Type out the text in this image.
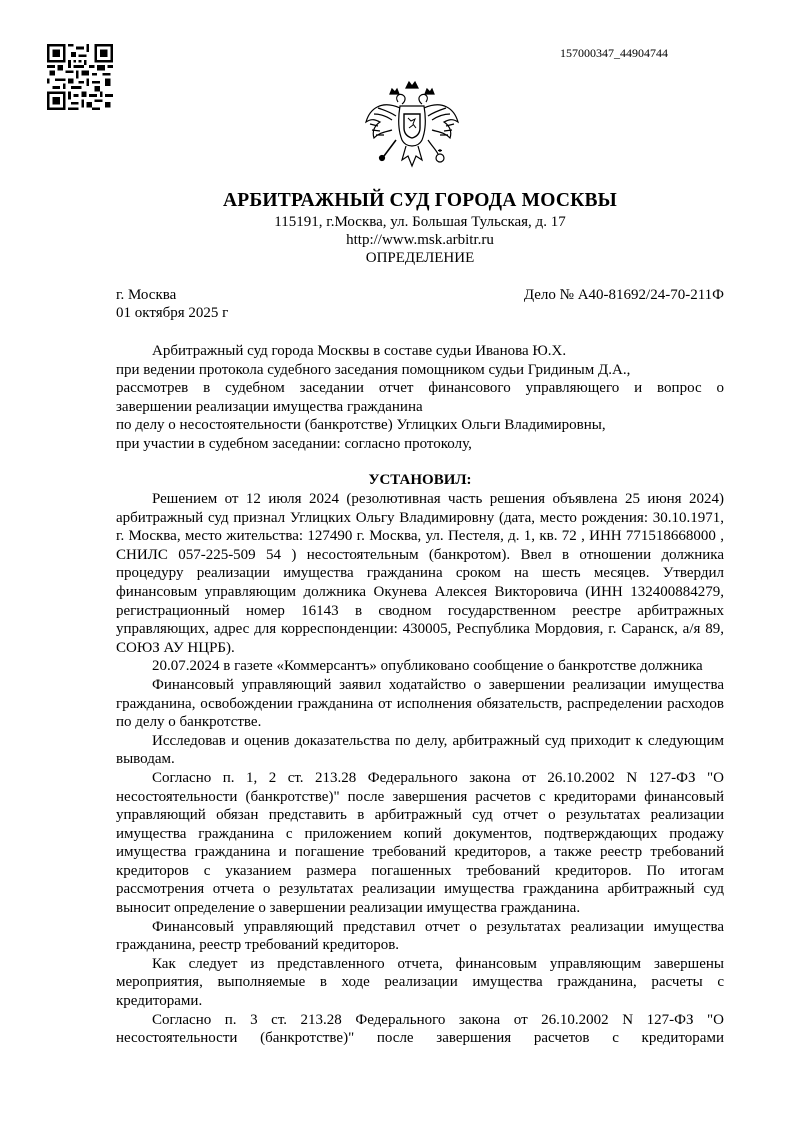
157000347_44904744
АРБИТРАЖНЫЙ СУД ГОРОДА МОСКВЫ
115191, г.Москва, ул. Большая Тульская, д. 17
http://www.msk.arbitr.ru
ОПРЕДЕЛЕНИЕ
г. Москва
01 октября 2025 г
Дело № А40-81692/24-70-211Ф

Арбитражный суд города Москвы в составе судьи Иванова Ю.Х.

при ведении протокола судебного заседания помощником судьи Гридиным Д.А.,

рассмотрев в судебном заседании отчет финансового управляющего и вопрос о

завершении реализации имущества гражданина

по делу о несостоятельности (банкротстве) Углицких Ольги Владимировны,

при участии в судебном заседании: согласно протоколу,

УСТАНОВИЛ:

Решением от 12 июля 2024 (резолютивная часть решения объявлена 25 июня 2024) арбитражный суд признал Углицких Ольгу Владимировну (дата, место рождения: 30.10.1971, г. Москва, место жительства: 127490 г. Москва, ул. Пестеля, д. 1, кв. 72 , ИНН 771518668000 , СНИЛС 057-225-509 54 ) несостоятельным (банкротом). Ввел в отношении должника процедуру реализации имущества гражданина сроком на шесть месяцев. Утвердил финансовым управляющим должника Окунева Алексея Викторовича (ИНН 132400884279, регистрационный номер 16143 в сводном государственном реестре арбитражных управляющих, адрес для корреспонденции: 430005, Республика Мордовия, г. Саранск, а/я 89, СОЮЗ АУ НЦРБ).

20.07.2024 в газете «Коммерсантъ» опубликовано сообщение о банкротстве должника

Финансовый управляющий заявил ходатайство о завершении реализации имущества гражданина, освобождении гражданина от исполнения обязательств, распределении расходов по делу о банкротстве.

Исследовав и оценив доказательства по делу, арбитражный суд приходит к следующим выводам.

Согласно п. 1, 2 ст. 213.28 Федерального закона от 26.10.2002 N 127-ФЗ "О несостоятельности (банкротстве)" после завершения расчетов с кредиторами финансовый управляющий обязан представить в арбитражный суд отчет о результатах реализации имущества гражданина с приложением копий документов, подтверждающих продажу имущества гражданина и погашение требований кредиторов, а также реестр требований кредиторов с указанием размера погашенных требований кредиторов. По итогам рассмотрения отчета о результатах реализации имущества гражданина арбитражный суд выносит определение о завершении реализации имущества гражданина.

Финансовый управляющий представил отчет о результатах реализации имущества гражданина, реестр требований кредиторов.

Как следует из представленного отчета, финансовым управляющим завершены мероприятия, выполняемые в ходе реализации имущества гражданина, расчеты с кредиторами.

Согласно п. 3 ст. 213.28 Федерального закона от 26.10.2002 N 127-ФЗ "О несостоятельности (банкротстве)" после завершения расчетов с кредиторами
